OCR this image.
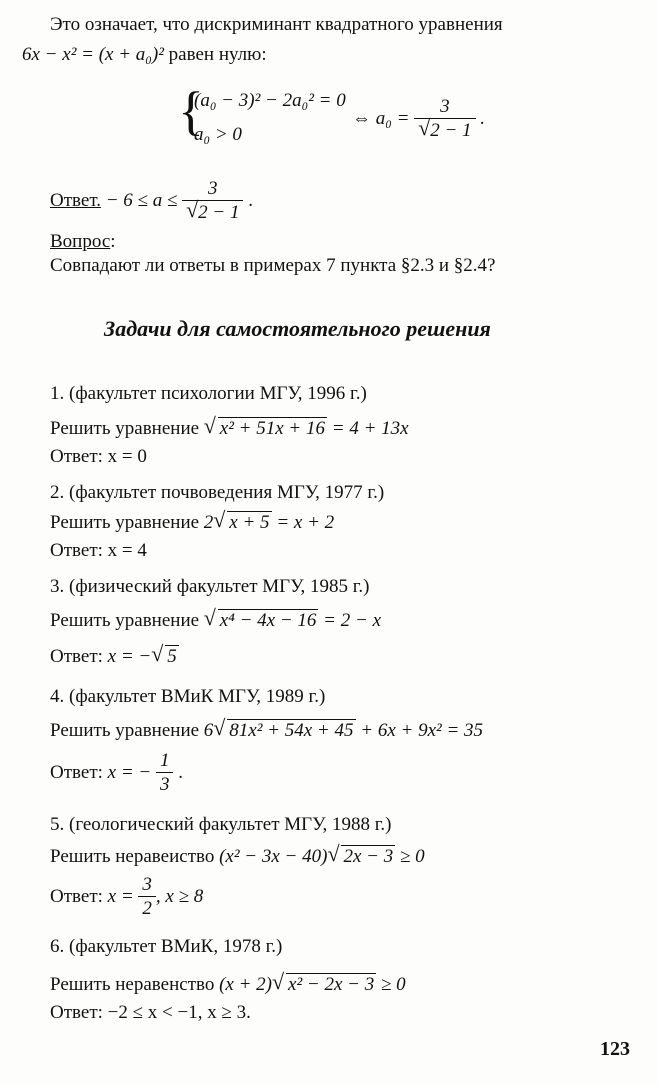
Это означает, что дискриминант квадратного уравнения
6x − x² = (x + a₀)² равен нулю:
{
(a₀ − 3)² − 2a₀² = 0
a₀ > 0
⇔ a₀ = 3
√ 2 − 1 .
Ответ. − 6 ≤ a ≤ 3
√ 2 − 1 .
Вопрос:
Совпадают ли ответы в примерах 7 пункта §2.3 и §2.4?
Задачи для самостоятельного решения
1. (факультет психологии МГУ, 1996 г.)
Решить уравнение √ x² + 51x + 16 = 4 + 13x
Ответ: x = 0
2. (факультет почвоведения МГУ, 1977 г.)
Решить уравнение 2 √ x + 5 = x + 2
Ответ: x = 4
3. (физический факультет МГУ, 1985 г.)
Решить уравнение √ x⁴ − 4x − 16 = 2 − x
Ответ: x = − √ 5
4. (факультет ВМиК МГУ, 1989 г.)
Решить уравнение 6 √ 81x² + 54x + 45 + 6x + 9x² = 35
Ответ: x = − $\frac{1}{3}$ .
5. (геологический факультет МГУ, 1988 г.)
Решить неравеиство (x² − 3x − 40) √ 2x − 3 ≥ 0
Ответ: $x = \frac{3}{2}$ , x ≥ 8
6. (факультет ВМиК, 1978 г.)
Решить неравенство (x + 2) √ x² − 2x − 3 ≥ 0
Ответ: −2 ≤ x < −1, x ≥ 3.
123
